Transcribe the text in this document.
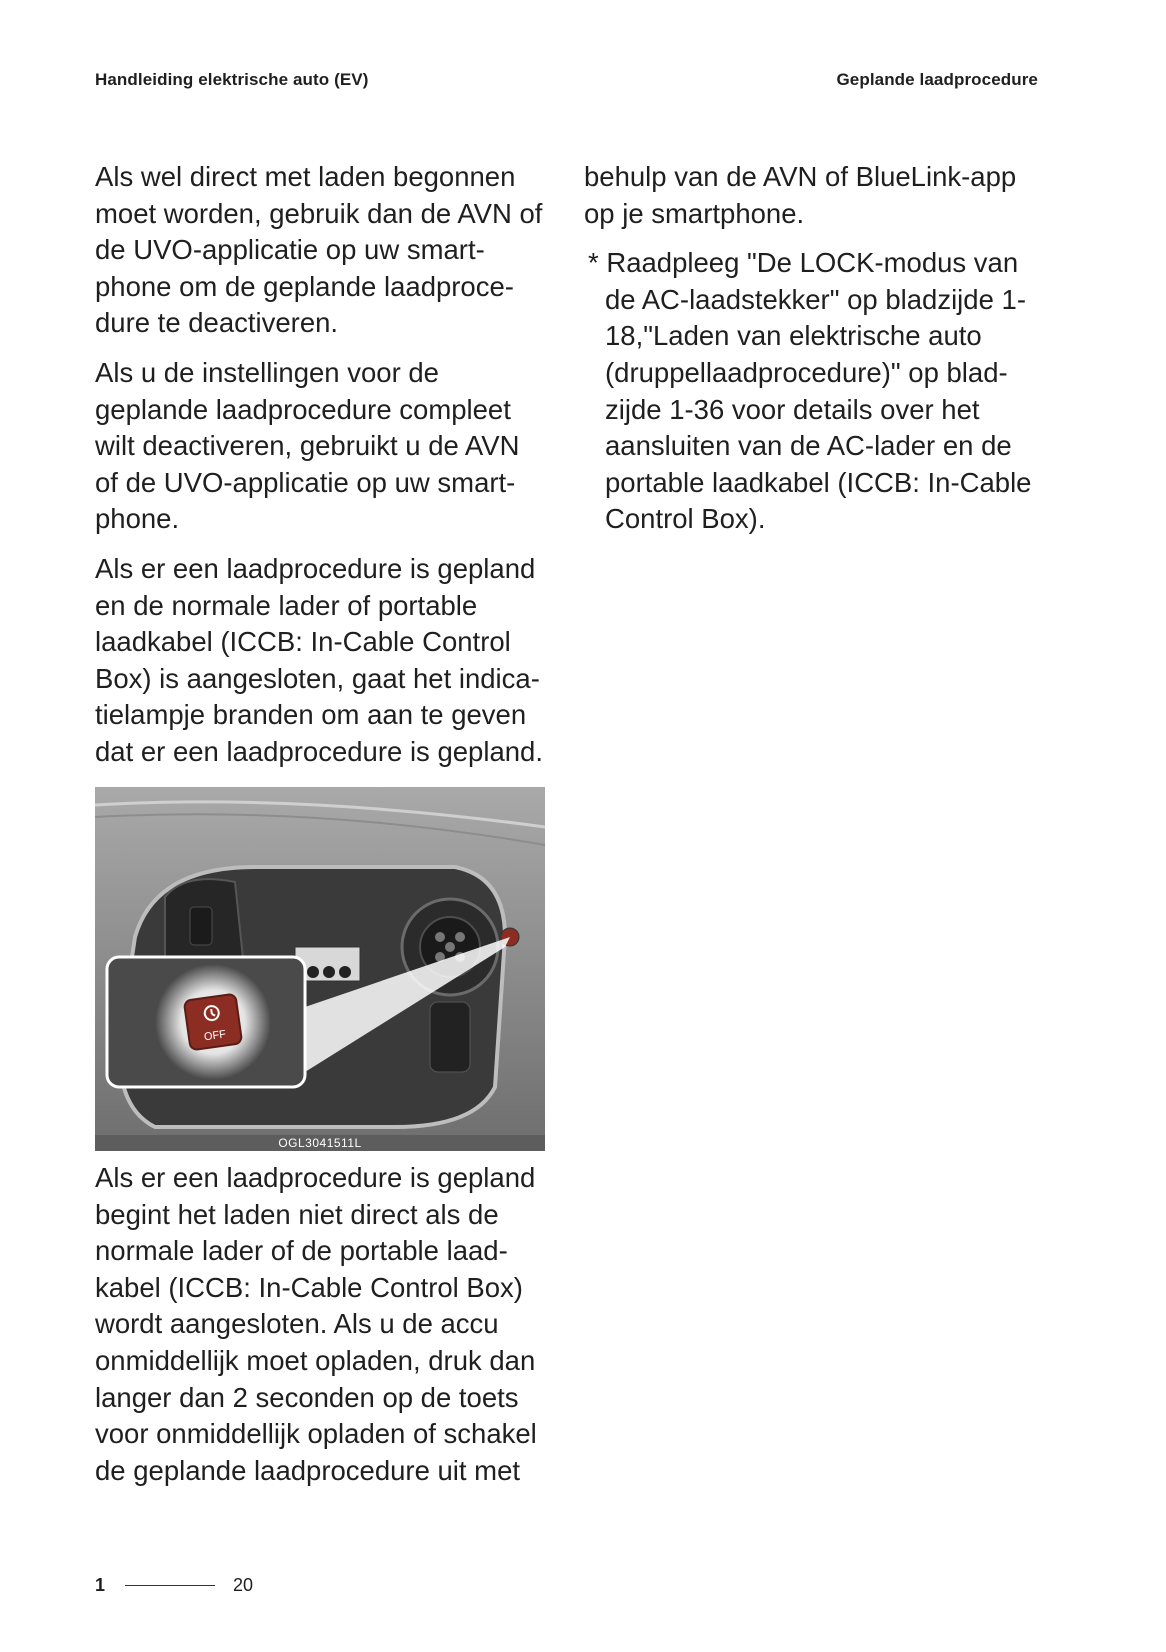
Handleiding elektrische auto (EV)	Geplande laadprocedure

Als wel direct met laden begonnen moet worden, gebruik dan de AVN of de UVO-applicatie op uw smartphone om de geplande laadprocedure te deactiveren.

Als u de instellingen voor de geplande laadprocedure compleet wilt deactiveren, gebruikt u de AVN of de UVO-applicatie op uw smartphone.

Als er een laadprocedure is gepland en de normale lader of portable laadkabel (ICCB: In-Cable Control Box) is aangesloten, gaat het indicatielampje branden om aan te geven dat er een laadprocedure is gepland.

OFF
OGL3041511L

Als er een laadprocedure is gepland begint het laden niet direct als de normale lader of de portable laadkabel (ICCB: In-Cable Control Box) wordt aangesloten. Als u de accu onmiddellijk moet opladen, druk dan langer dan 2 seconden op de toets voor onmiddellijk opladen of schakel de geplande laadprocedure uit met

behulp van de AVN of BlueLink-app op je smartphone.

* Raadpleeg "De LOCK-modus van de AC-laadstekker" op bladzijde 1-18,"Laden van elektrische auto (druppellaadprocedure)" op bladzijde 1-36 voor details over het aansluiten van de AC-lader en de portable laadkabel (ICCB: In-Cable Control Box).

1	20
